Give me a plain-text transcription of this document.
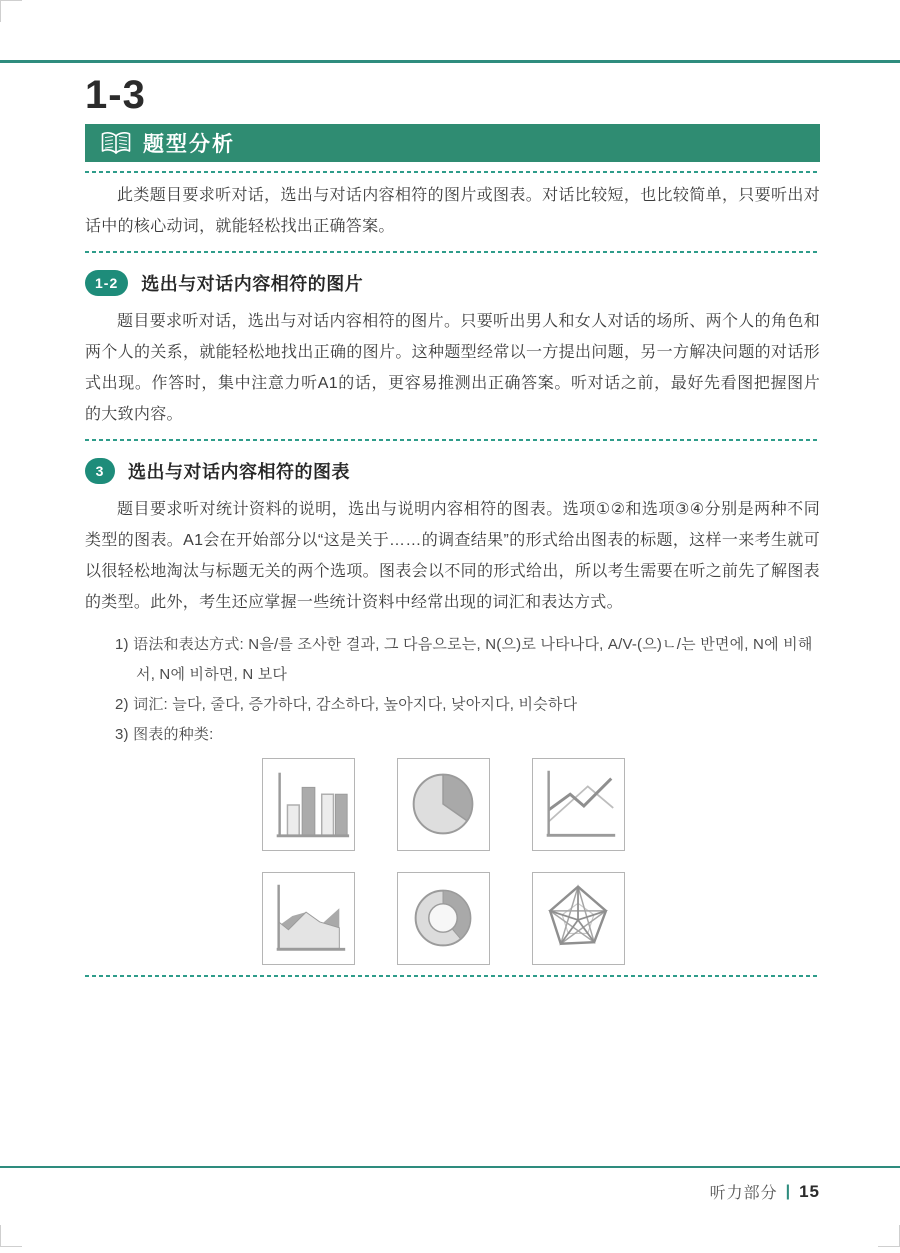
1-3
题型分析

此类题目要求听对话，选出与对话内容相符的图片或图表。对话比较短，也比较简单，只要听出对话中的核心动词，就能轻松找出正确答案。

1-2	选出与对话内容相符的图片

题目要求听对话，选出与对话内容相符的图片。只要听出男人和女人对话的场所、两个人的角色和两个人的关系，就能轻松地找出正确的图片。这种题型经常以一方提出问题，另一方解决问题的对话形式出现。作答时，集中注意力听A1的话，更容易推测出正确答案。听对话之前，最好先看图把握图片的大致内容。

3	选出与对话内容相符的图表

题目要求听对统计资料的说明，选出与说明内容相符的图表。选项①②和选项③④分别是两种不同类型的图表。A1会在开始部分以“这是关于……的调查结果”的形式给出图表的标题，这样一来考生就可以很轻松地淘汰与标题无关的两个选项。图表会以不同的形式给出，所以考生需要在听之前先了解图表的类型。此外，考生还应掌握一些统计资料中经常出现的词汇和表达方式。

1) 语法和表达方式: N을/를 조사한 결과, 그 다음으로는, N(으)로 나타나다, A/V-(으)ㄴ/는 반면에, N에 비해서, N에 비하면, N 보다
2) 词汇: 늘다, 줄다, 증가하다, 감소하다, 높아지다, 낮아지다, 비슷하다
3) 图表的种类:
听力部分 | 15
